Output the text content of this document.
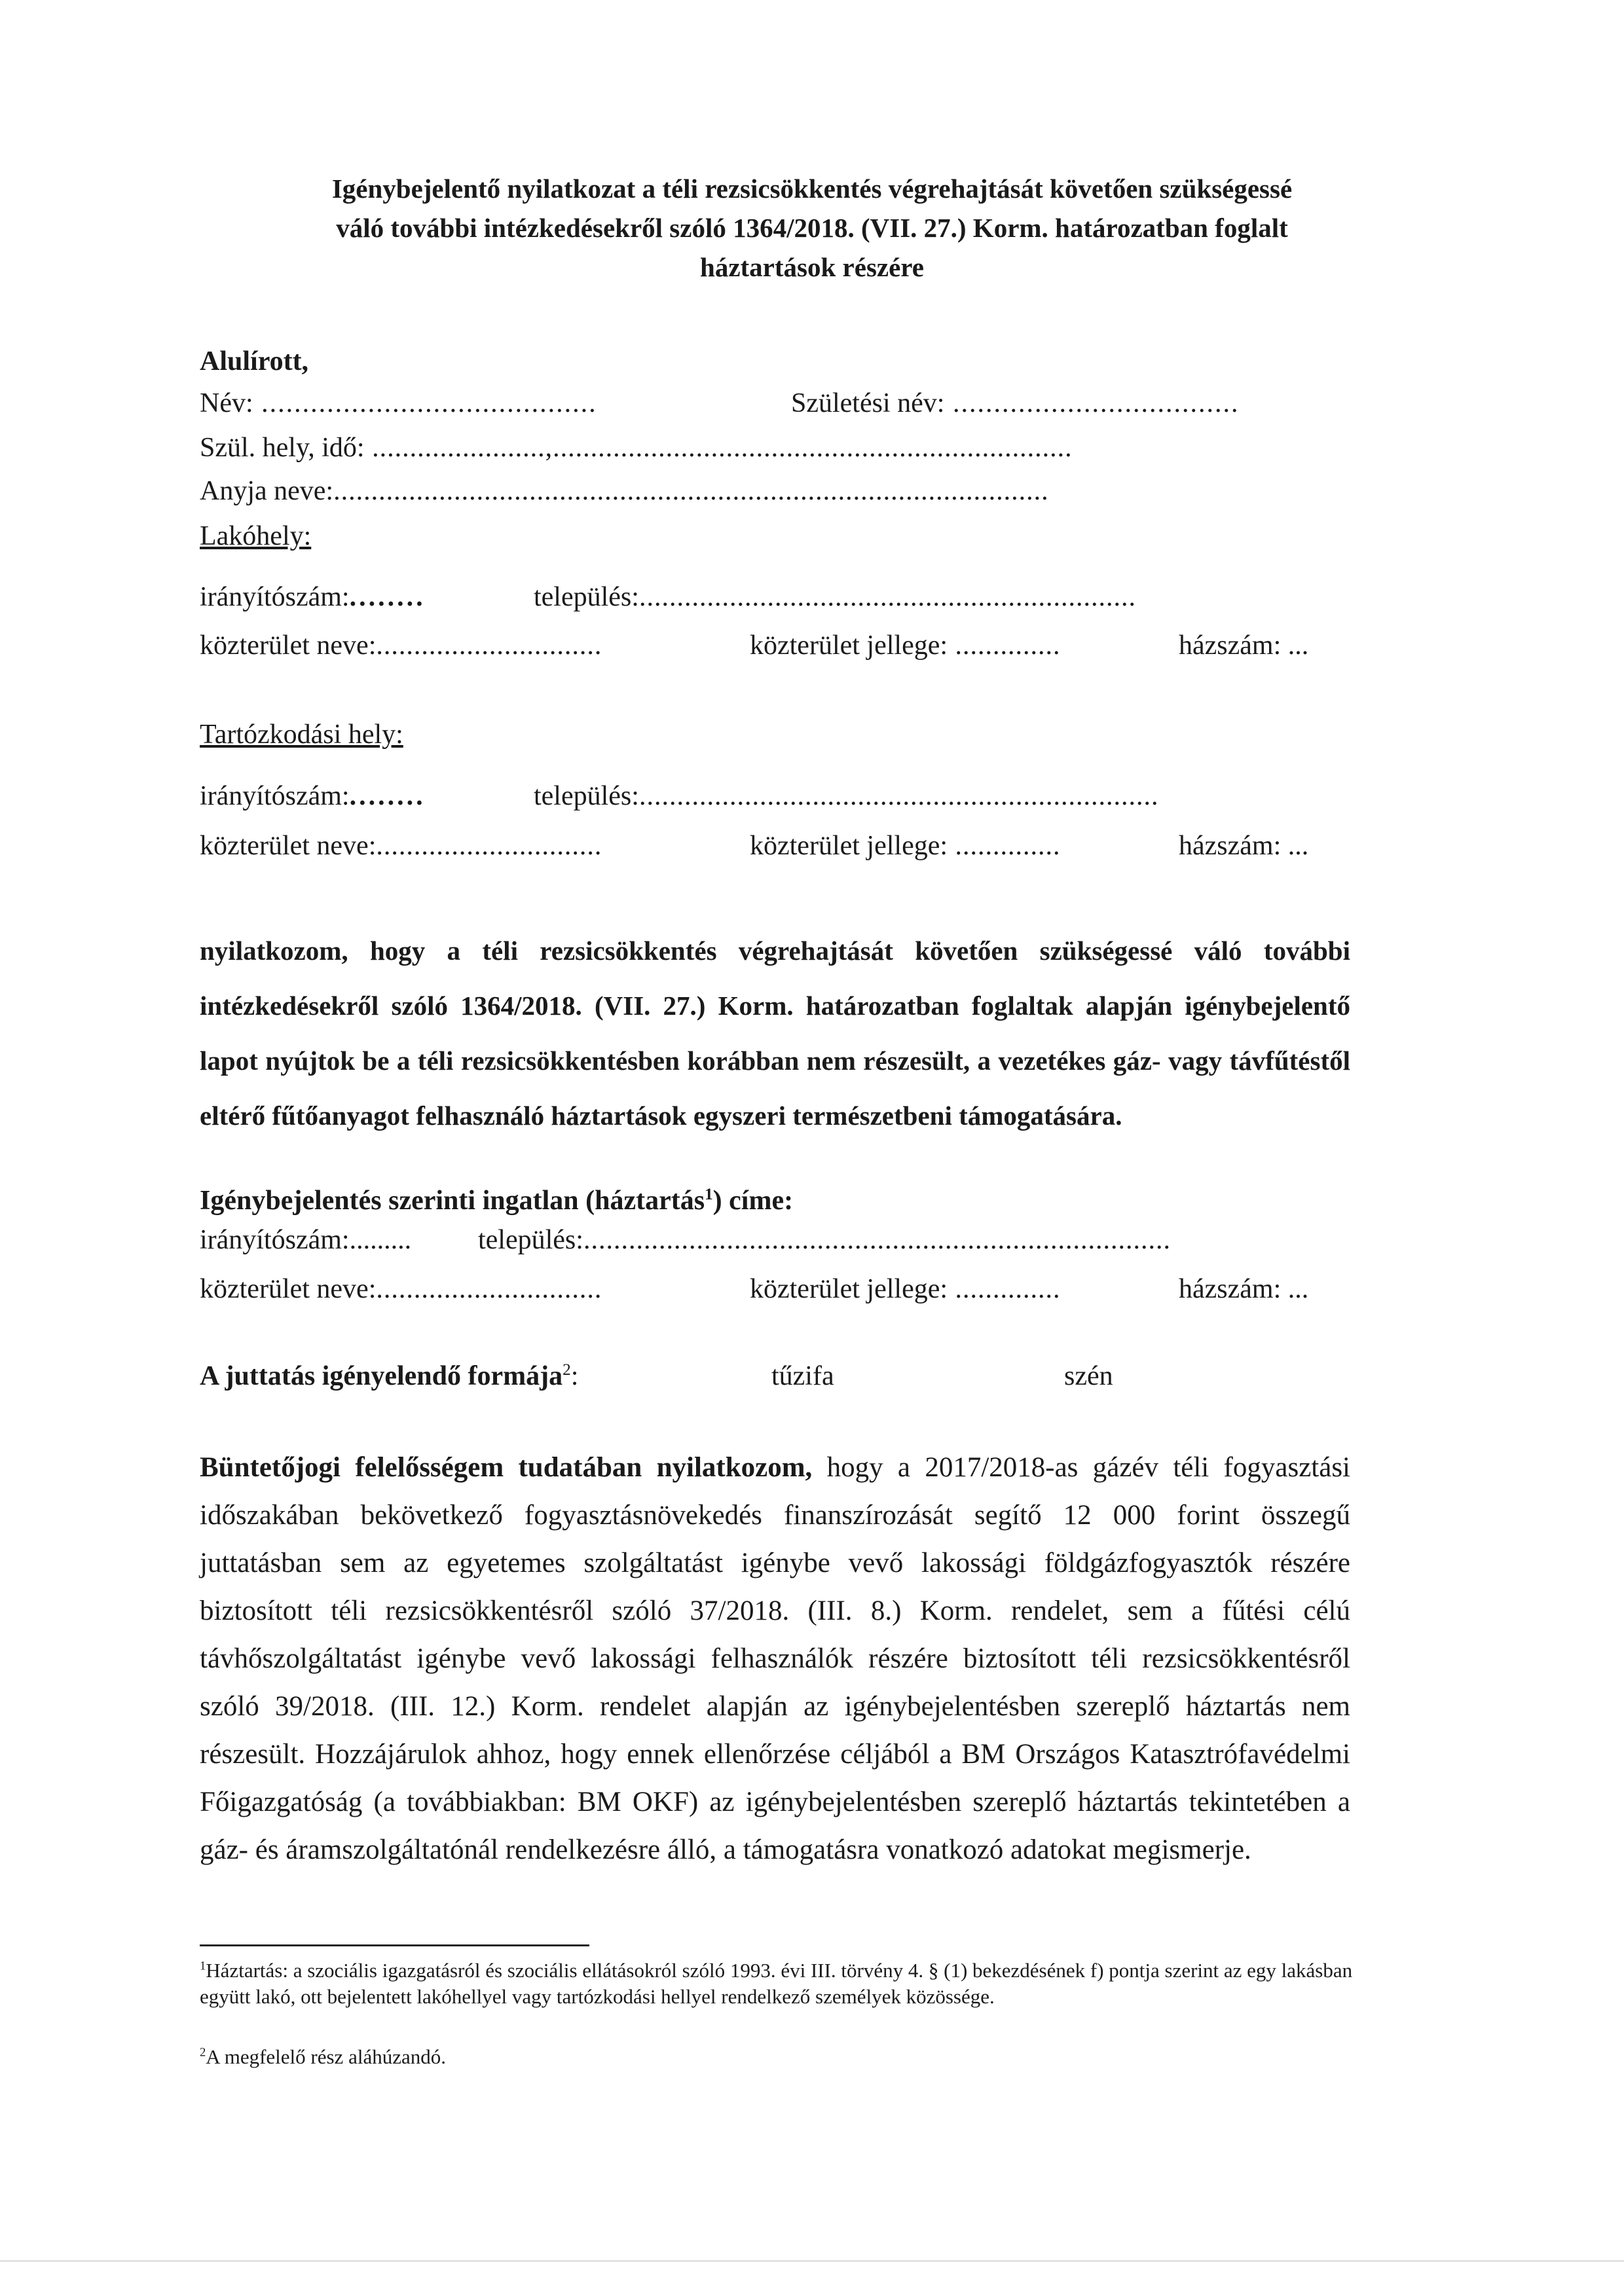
Igénybejelentő nyilatkozat a téli rezsicsökkentés végrehajtását követően szükségessé
váló további intézkedésekről szóló 1364/2018. (VII. 27.) Korm. határozatban foglalt
háztartások részére
Alulírott,
Név: .........................................	Születési név: ...................................
Szül. hely, idő: .......................,.....................................................................
Anyja neve:...............................................................................................
Lakóhely:
irányítószám:........	település:..................................................................
közterület neve:..............................	közterület jellege: ..............	házszám: ...
Tartózkodási hely:
irányítószám:........	település:.....................................................................
közterület neve:..............................	közterület jellege: ..............	házszám: ...
nyilatkozom, hogy a téli rezsicsökkentés végrehajtását követően szükségessé váló további intézkedésekről szóló 1364/2018. (VII. 27.) Korm. határozatban foglaltak alapján igénybejelentő lapot nyújtok be a téli rezsicsökkentésben korábban nem részesült, a vezetékes gáz- vagy távfűtéstől eltérő fűtőanyagot felhasználó háztartások egyszeri természetbeni támogatására.
Igénybejelentés szerinti ingatlan (háztartás$^1$) címe:
irányítószám:......... település:..............................................................................
közterület neve:..............................	közterület jellege: ..............	házszám: ...
A juttatás igényelendő formája$^2$:	tűzifa	szén
Büntetőjogi felelősségem tudatában nyilatkozom, hogy a 2017/2018-as gázév téli fogyasztási időszakában bekövetkező fogyasztásnövekedés finanszírozását segítő 12 000 forint összegű juttatásban sem az egyetemes szolgáltatást igénybe vevő lakossági földgázfogyasztók részére biztosított téli rezsicsökkentésről szóló 37/2018. (III. 8.) Korm. rendelet, sem a fűtési célú távhőszolgáltatást igénybe vevő lakossági felhasználók részére biztosított téli rezsicsökkentésről szóló 39/2018. (III. 12.) Korm. rendelet alapján az igénybejelentésben szereplő háztartás nem részesült. Hozzájárulok ahhoz, hogy ennek ellenőrzése céljából a BM Országos Katasztrófavédelmi Főigazgatóság (a továbbiakban: BM OKF) az igénybejelentésben szereplő háztartás tekintetében a gáz- és áramszolgáltatónál rendelkezésre álló, a támogatásra vonatkozó adatokat megismerje.
$^1$Háztartás: a szociális igazgatásról és szociális ellátásokról szóló 1993. évi III. törvény 4. § (1) bekezdésének f) pontja szerint az egy lakásban együtt lakó, ott bejelentett lakóhellyel vagy tartózkodási hellyel rendelkező személyek közössége.
$^2$A megfelelő rész aláhúzandó.
